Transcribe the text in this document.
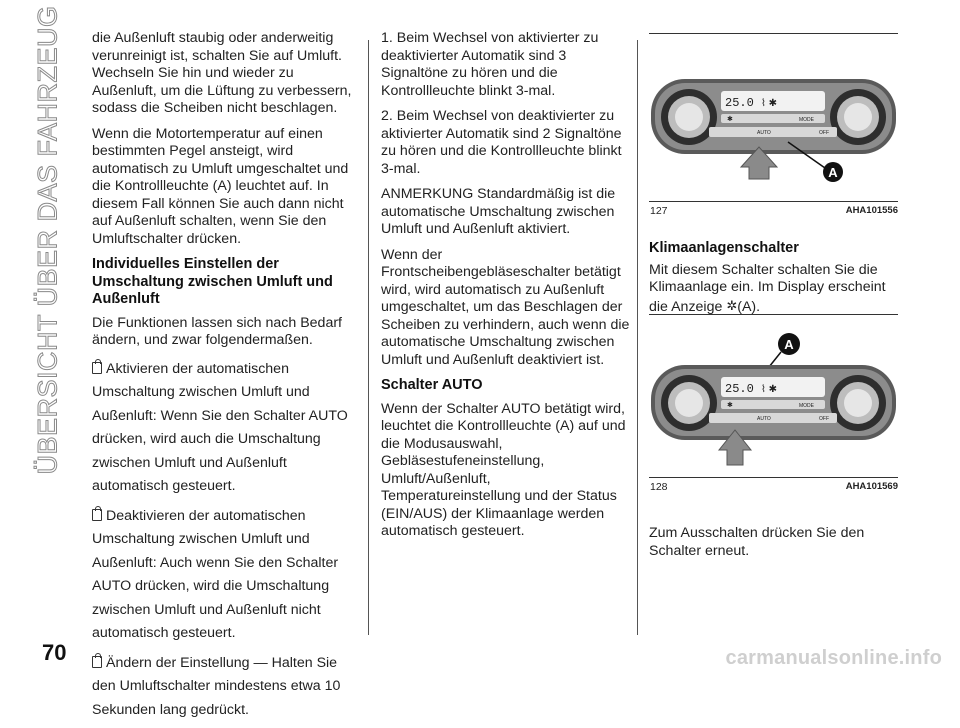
ÜBERSICHT ÜBER DAS FAHRZEUG die Außenluft staubig oder anderweitig verunreinigt ist, schalten Sie auf Umluft. Wechseln Sie hin und wieder zu Außenluft, um die Lüftung zu verbessern, sodass die Scheiben nicht beschlagen.

Wenn die Motortemperatur auf einen bestimmten Pegel ansteigt, wird automatisch zu Umluft umgeschaltet und die Kontrollleuchte (A) leuchtet auf. In diesem Fall können Sie auch dann nicht auf Außenluft schalten, wenn Sie den Umluftschalter drücken.

Individuelles Einstellen der Umschaltung zwischen Umluft und Außenluft

Die Funktionen lassen sich nach Bedarf ändern, und zwar folgendermaßen.

Aktivieren der automatischen Umschaltung zwischen Umluft und Außenluft: Wenn Sie den Schalter AUTO drücken, wird auch die Umschaltung zwischen Umluft und Außenluft automatisch gesteuert.
Deaktivieren der automatischen Umschaltung zwischen Umluft und Außenluft: Auch wenn Sie den Schalter AUTO drücken, wird die Umschaltung zwischen Umluft und Außenluft nicht automatisch gesteuert.
Ändern der Einstellung — Halten Sie den Umluftschalter mindestens etwa 10 Sekunden lang gedrückt.

1. Beim Wechsel von aktivierter zu deaktivierter Automatik sind 3 Signaltöne zu hören und die Kontrollleuchte blinkt 3-mal.

2. Beim Wechsel von deaktivierter zu aktivierter Automatik sind 2 Signaltöne zu hören und die Kontrollleuchte blinkt 3-mal.

ANMERKUNG Standardmäßig ist die automatische Umschaltung zwischen Umluft und Außenluft aktiviert.

Wenn der Frontscheibengebläseschalter betätigt wird, wird automatisch zu Außenluft umgeschaltet, um das Beschlagen der Scheiben zu verhindern, auch wenn die automatische Umschaltung zwischen Umluft und Außenluft deaktiviert ist.

Schalter AUTO

Wenn der Schalter AUTO betätigt wird, leuchtet die Kontrollleuchte (A) auf und die Modusauswahl, Gebläsestufeneinstellung, Umluft/Außenluft, Temperatureinstellung und der Status (EIN/AUS) der Klimaanlage werden automatisch gesteuert.

25.0 ⌇ ✱
MODE
✱
AUTO	OFF
A
127	AHA101556
Klimaanlagenschalter

Mit diesem Schalter schalten Sie die Klimaanlage ein. Im Display erscheint die Anzeige ✲(A).

A
25.0 ⌇ ✱
MODE
✱
AUTO	OFF
128	AHA101569

Zum Ausschalten drücken Sie den Schalter erneut.

70	carmanualsonline.info
